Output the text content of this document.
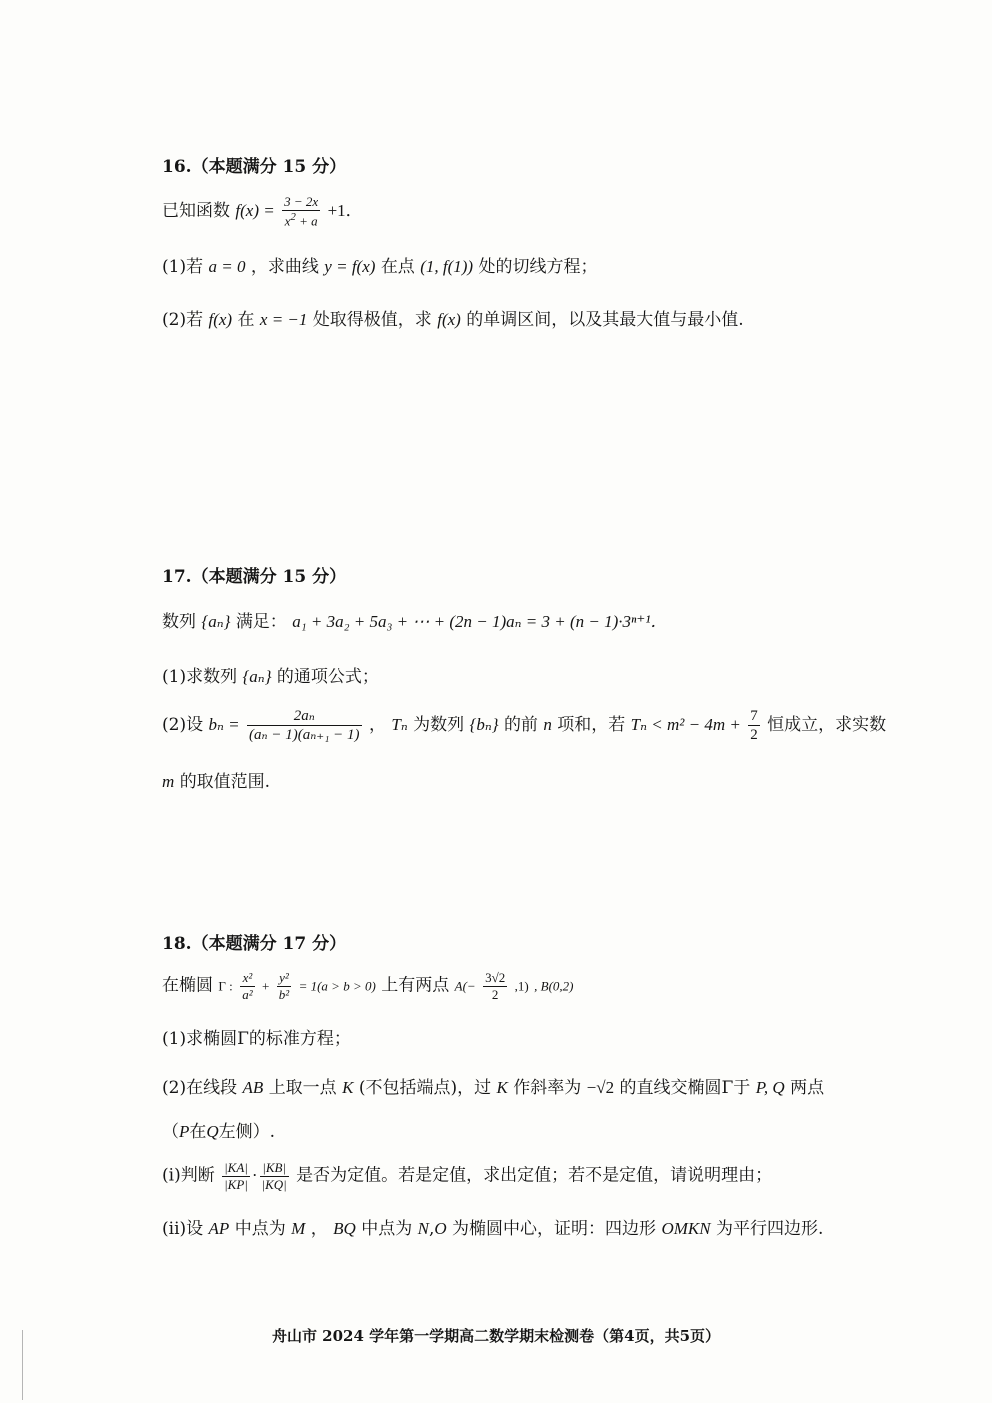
16.（本题满分 15 分）
已知函数 $f(x) = \frac{3 - 2x}{x^2 + a} +1$．
(1)若 a = 0 ，求曲线 y = f(x) 在点 (1, f(1)) 处的切线方程；
(2)若 f(x) 在 x = −1 处取得极值，求 f(x) 的单调区间，以及其最大值与最小值.
17.（本题满分 15 分）
数列 {aₙ} 满足： a₁ + 3a₂ + 5a₃ + ⋯ + (2n − 1)aₙ = 3 + (n − 1)·3ⁿ⁺¹．
(1)求数列 {aₙ} 的通项公式；
(2)设 $b_n = \frac{\text{2aₙ}}{\text{(aₙ − 1)(aₙ₊₁ − 1)}}$ ， Tₙ 为数列 {bₙ} 的前 n 项和，若 $T_n < m^2 - 4m + \frac{7}{2}$ 恒成立，求实数
m 的取值范围.
18.（本题满分 17 分）
在椭圆 Γ : $\frac{\text{x²}}{\text{a²}} + \frac{\text{y²}}{\text{b²}} = 1(a > b > 0)$ 上有两点 $A(- \frac{3√2}{2} ,1)$ , B(0,2)
(1)求椭圆Γ的标准方程；
(2)在线段 AB 上取一点 K (不包括端点)，过 K 作斜率为 −√2 的直线交椭圆Γ于 P, Q 两点
（P在Q左侧）.
(i)判断 $\frac{|KA|}{|KP|} \cdot \frac{|KB|}{|KQ|}$ 是否为定值。若是定值，求出定值；若不是定值，请说明理由；
(ii)设 AP 中点为 M ， BQ 中点为 N,O 为椭圆中心，证明：四边形 OMKN 为平行四边形.
舟山市 2024 学年第一学期高二数学期末检测卷（第4页，共5页）
